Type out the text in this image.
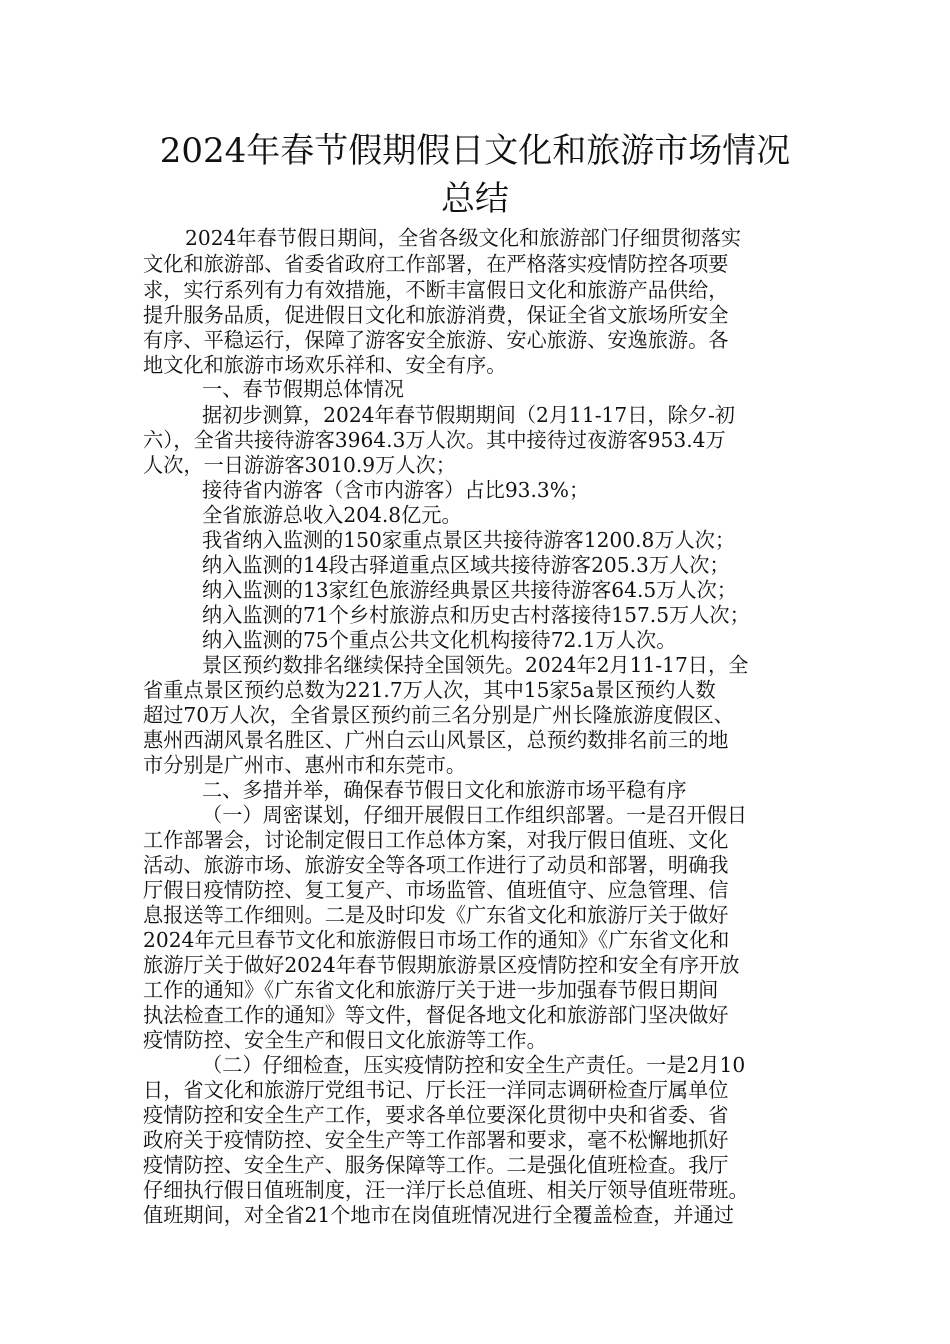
2024年春节假期假日文化和旅游市场情况
总结
2024年春节假日期间，全省各级文化和旅游部门仔细贯彻落实
文化和旅游部、省委省政府工作部署，在严格落实疫情防控各项要
求，实行系列有力有效措施，不断丰富假日文化和旅游产品供给，
提升服务品质，促进假日文化和旅游消费，保证全省文旅场所安全
有序、平稳运行，保障了游客安全旅游、安心旅游、安逸旅游。各
地文化和旅游市场欢乐祥和、安全有序。
一、春节假期总体情况
据初步测算，2024年春节假期期间（2月11-17日，除夕-初
六），全省共接待游客3964.3万人次。其中接待过夜游客953.4万
人次，一日游游客3010.9万人次；
接待省内游客（含市内游客）占比93.3%；
全省旅游总收入204.8亿元。
我省纳入监测的150家重点景区共接待游客1200.8万人次；
纳入监测的14段古驿道重点区域共接待游客205.3万人次；
纳入监测的13家红色旅游经典景区共接待游客64.5万人次；
纳入监测的71个乡村旅游点和历史古村落接待157.5万人次；
纳入监测的75个重点公共文化机构接待72.1万人次。
景区预约数排名继续保持全国领先。2024年2月11-17日，全
省重点景区预约总数为221.7万人次，其中15家5a景区预约人数
超过70万人次，全省景区预约前三名分别是广州长隆旅游度假区、
惠州西湖风景名胜区、广州白云山风景区，总预约数排名前三的地
市分别是广州市、惠州市和东莞市。
二、多措并举，确保春节假日文化和旅游市场平稳有序
（一）周密谋划，仔细开展假日工作组织部署。一是召开假日
工作部署会，讨论制定假日工作总体方案，对我厅假日值班、文化
活动、旅游市场、旅游安全等各项工作进行了动员和部署，明确我
厅假日疫情防控、复工复产、市场监管、值班值守、应急管理、信
息报送等工作细则。二是及时印发《广东省文化和旅游厅关于做好
2024年元旦春节文化和旅游假日市场工作的通知》《广东省文化和
旅游厅关于做好2024年春节假期旅游景区疫情防控和安全有序开放
工作的通知》《广东省文化和旅游厅关于进一步加强春节假日期间
执法检查工作的通知》等文件，督促各地文化和旅游部门坚决做好
疫情防控、安全生产和假日文化旅游等工作。
（二）仔细检查，压实疫情防控和安全生产责任。一是2月10
日，省文化和旅游厅党组书记、厅长汪一洋同志调研检查厅属单位
疫情防控和安全生产工作，要求各单位要深化贯彻中央和省委、省
政府关于疫情防控、安全生产等工作部署和要求，毫不松懈地抓好
疫情防控、安全生产、服务保障等工作。二是强化值班检查。我厅
仔细执行假日值班制度，汪一洋厅长总值班、相关厅领导值班带班。
值班期间，对全省21个地市在岗值班情况进行全覆盖检查，并通过
